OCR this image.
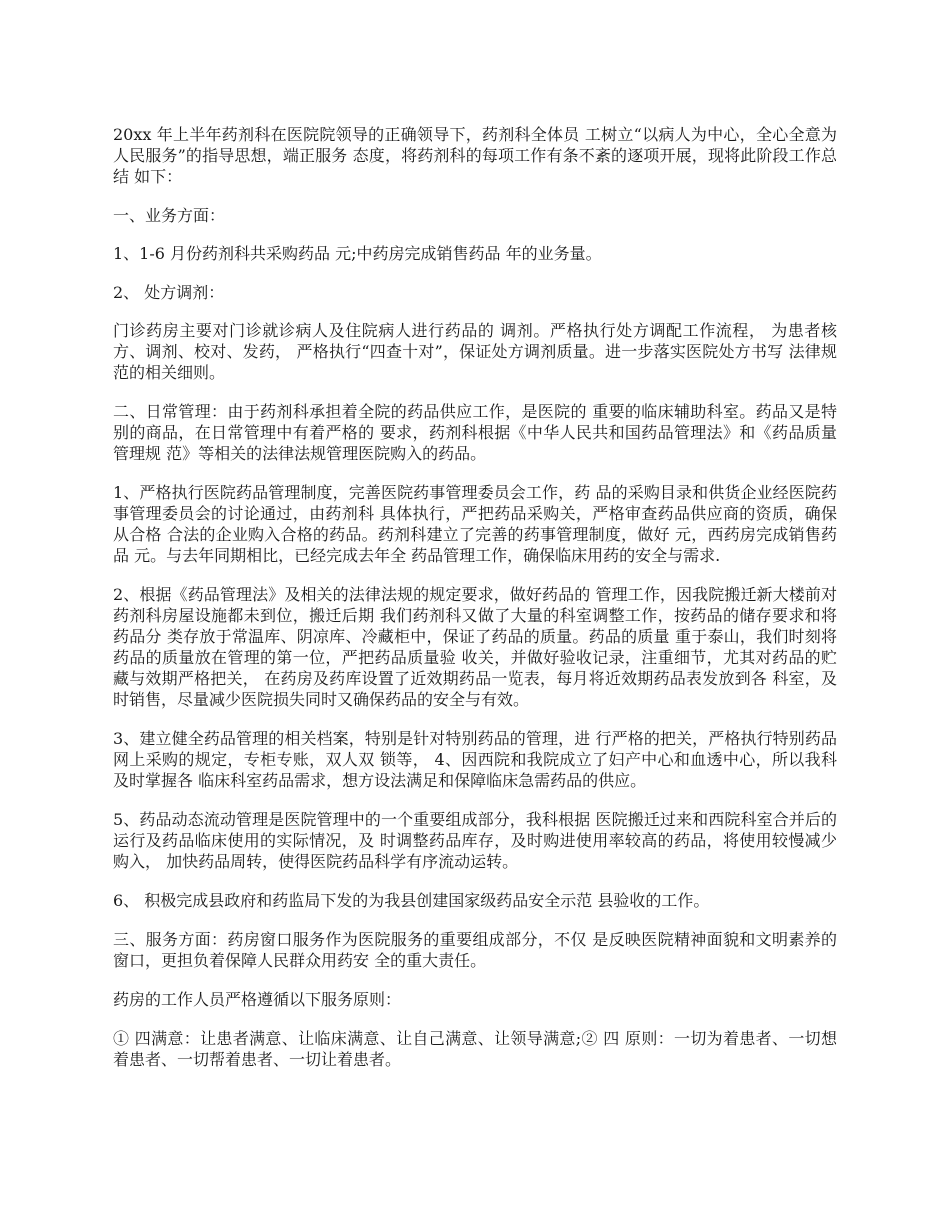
20xx 年上半年药剂科在医院院领导的正确领导下，药剂科全体员 工树立“以病人为中心，全心全意为人民服务”的指导思想，端正服务 态度，将药剂科的每项工作有条不紊的逐项开展，现将此阶段工作总结 如下：

一、业务方面：

1、1-6 月份药剂科共采购药品 元;中药房完成销售药品 年的业务量。

2、 处方调剂：

门诊药房主要对门诊就诊病人及住院病人进行药品的 调剂。严格执行处方调配工作流程， 为患者核方、调剂、校对、发药， 严格执行“四查十对”，保证处方调剂质量。进一步落实医院处方书写 法律规范的相关细则。

二、日常管理：由于药剂科承担着全院的药品供应工作，是医院的 重要的临床辅助科室。药品又是特别的商品，在日常管理中有着严格的 要求，药剂科根据《中华人民共和国药品管理法》和《药品质量管理规 范》等相关的法律法规管理医院购入的药品。

1、严格执行医院药品管理制度，完善医院药事管理委员会工作，药 品的采购目录和供货企业经医院药事管理委员会的讨论通过，由药剂科 具体执行，严把药品采购关，严格审查药品供应商的资质，确保从合格 合法的企业购入合格的药品。药剂科建立了完善的药事管理制度，做好 元，西药房完成销售药品 元。与去年同期相比，已经完成去年全 药品管理工作，确保临床用药的安全与需求.

2、根据《药品管理法》及相关的法律法规的规定要求，做好药品的 管理工作，因我院搬迁新大楼前对药剂科房屋设施都未到位，搬迁后期 我们药剂科又做了大量的科室调整工作，按药品的储存要求和将药品分 类存放于常温库、阴凉库、冷藏柜中，保证了药品的质量。药品的质量 重于泰山，我们时刻将药品的质量放在管理的第一位，严把药品质量验 收关，并做好验收记录，注重细节，尤其对药品的贮藏与效期严格把关， 在药房及药库设置了近效期药品一览表，每月将近效期药品表发放到各 科室，及时销售，尽量减少医院损失同时又确保药品的安全与有效。

3、建立健全药品管理的相关档案，特别是针对特别药品的管理，进 行严格的把关，严格执行特别药品网上采购的规定，专柜专账，双人双 锁等， 4、因西院和我院成立了妇产中心和血透中心，所以我科及时掌握各 临床科室药品需求，想方设法满足和保障临床急需药品的供应。

5、药品动态流动管理是医院管理中的一个重要组成部分，我科根据 医院搬迁过来和西院科室合并后的运行及药品临床使用的实际情况，及 时调整药品库存，及时购进使用率较高的药品，将使用较慢减少购入， 加快药品周转，使得医院药品科学有序流动运转。

6、 积极完成县政府和药监局下发的为我县创建国家级药品安全示范 县验收的工作。

三、服务方面：药房窗口服务作为医院服务的重要组成部分，不仅 是反映医院精神面貌和文明素养的窗口，更担负着保障人民群众用药安 全的重大责任。

药房的工作人员严格遵循以下服务原则：

① 四满意：让患者满意、让临床满意、让自己满意、让领导满意;② 四 原则：一切为着患者、一切想着患者、一切帮着患者、一切让着患者。
